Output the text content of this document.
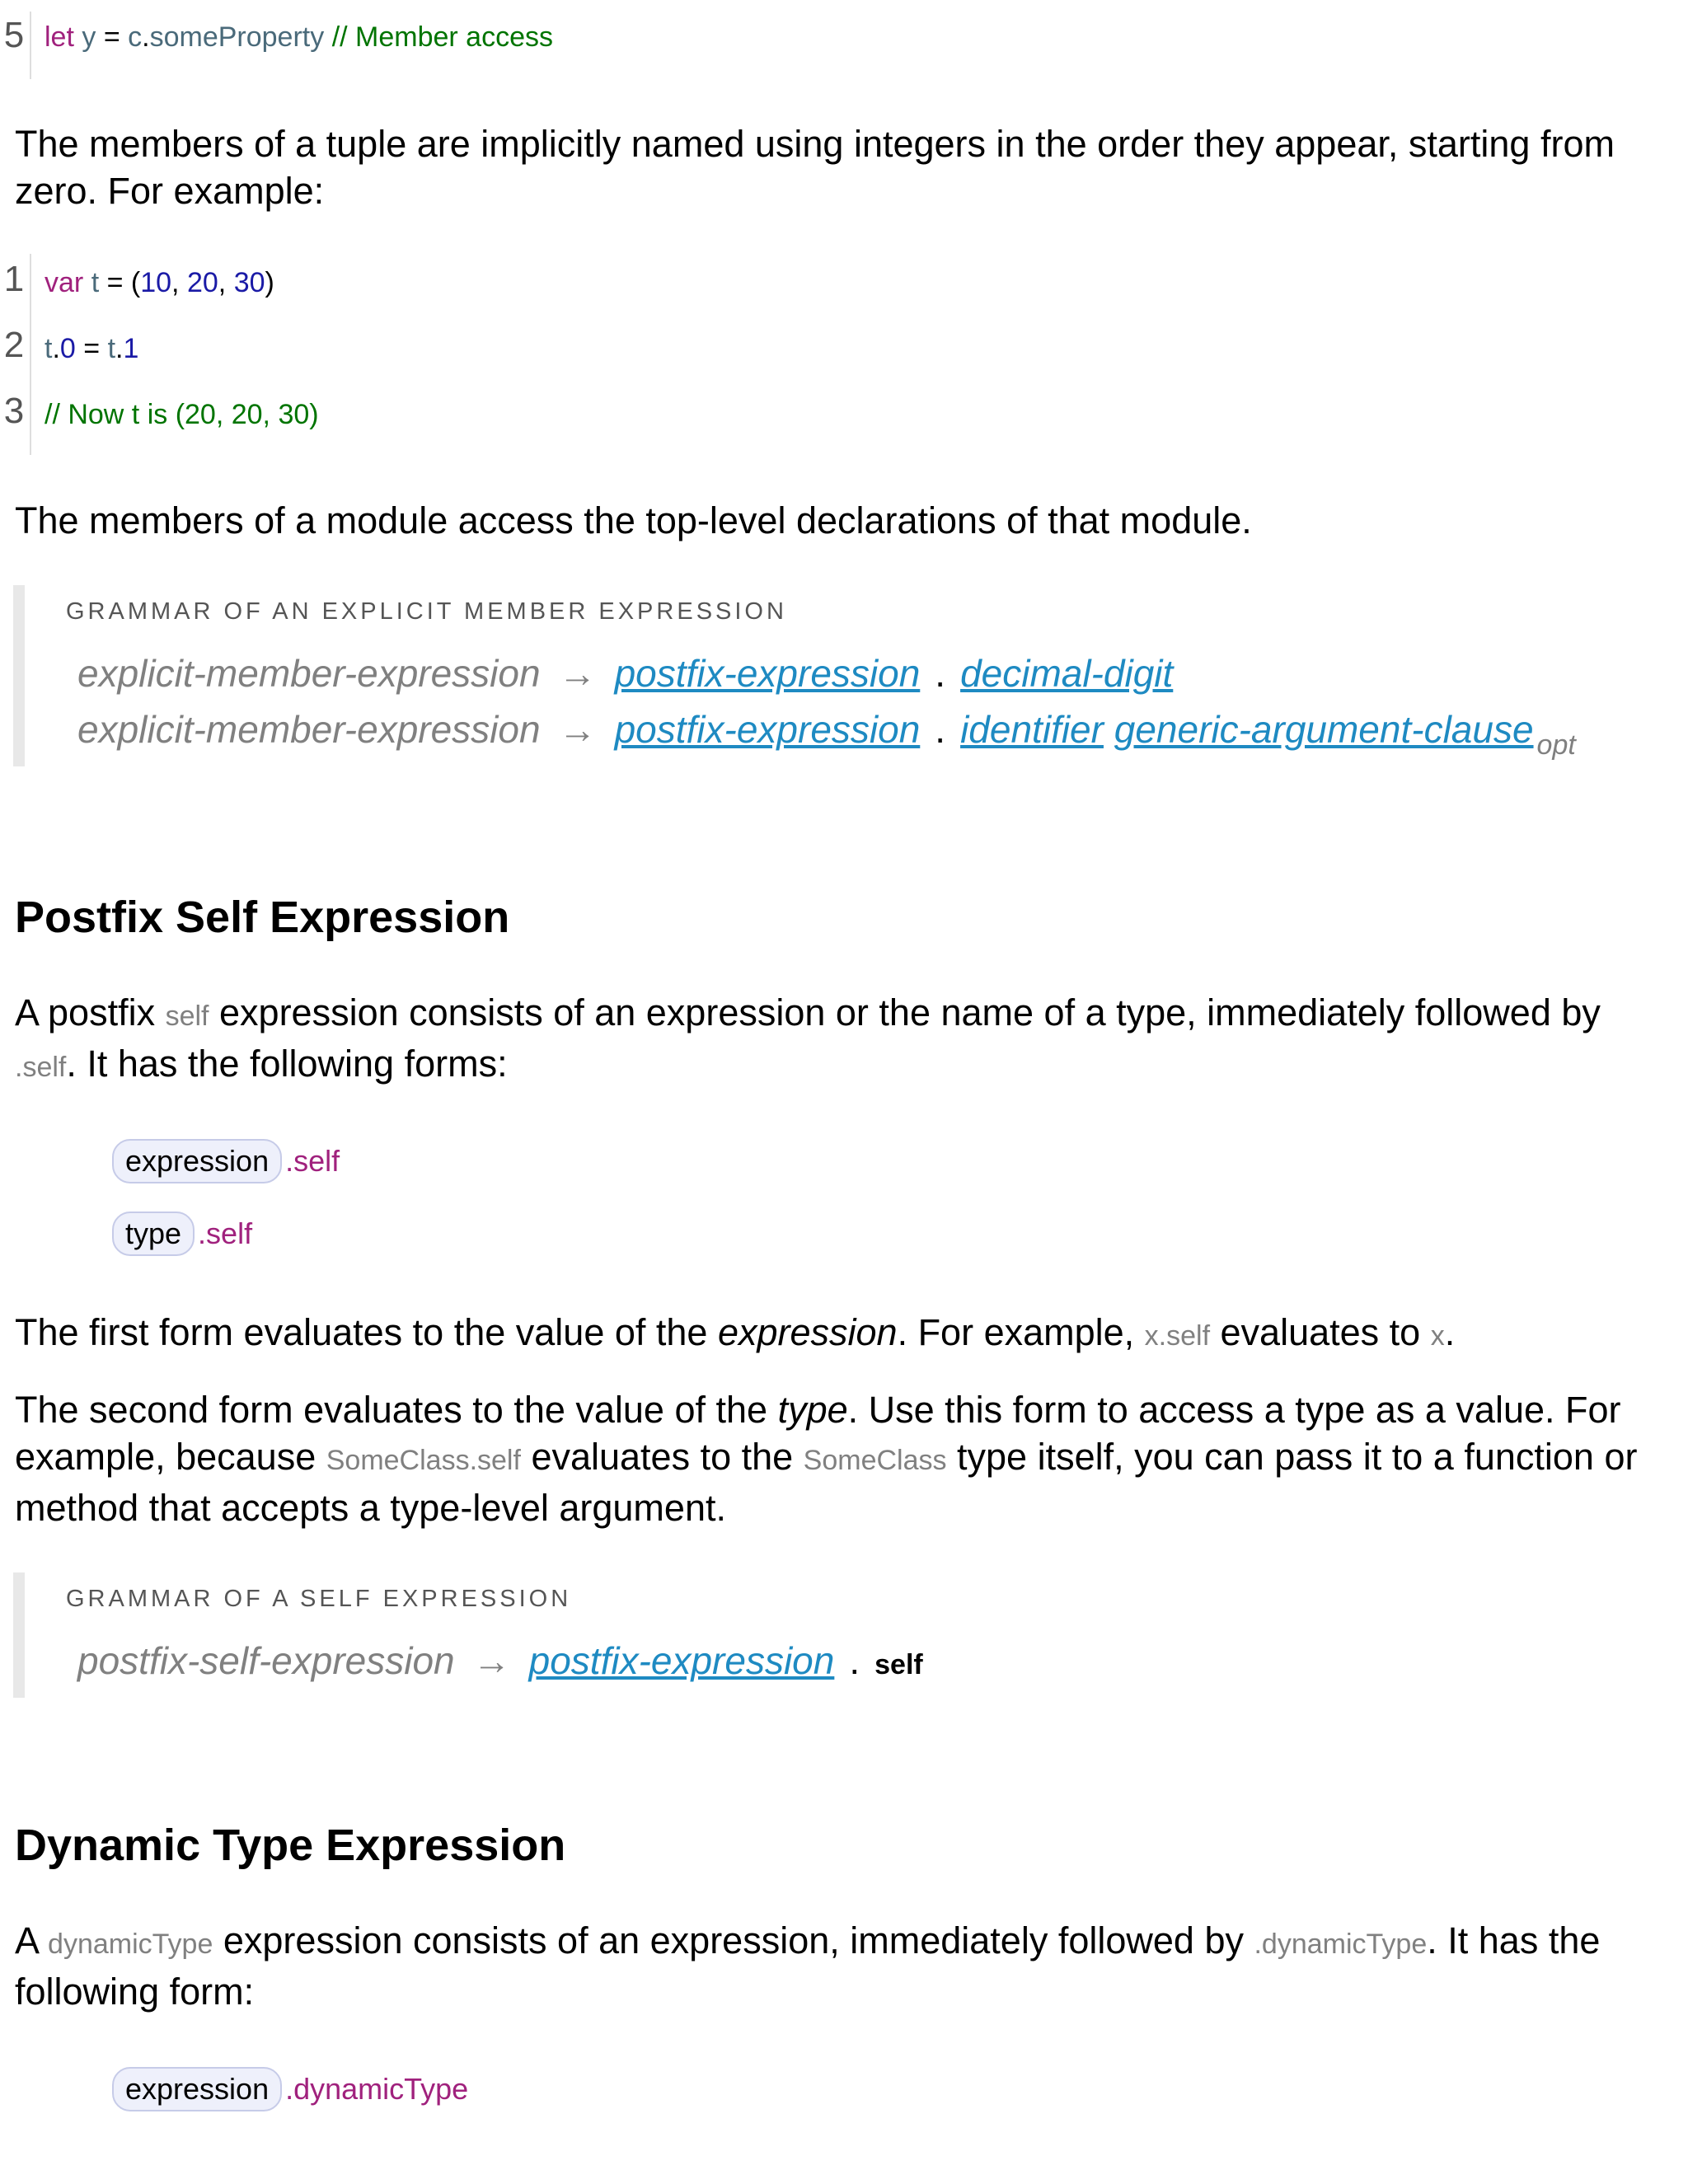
5 let y = c.someProperty // Member access
The members of a tuple are implicitly named using integers in the order they appear, starting from zero. For example:
1 var t = (10, 20, 30)
2 t.0 = t.1
3 // Now t is (20, 20, 30)
The members of a module access the top-level declarations of that module.
GRAMMAR OF AN EXPLICIT MEMBER EXPRESSION
explicit-member-expression → postfix-expression . decimal-digit
explicit-member-expression → postfix-expression . identifier generic-argument-clause $_{opt}$
Postfix Self Expression
A postfix self expression consists of an expression or the name of a type, immediately followed by .self. It has the following forms:
expression .self
type .self
The first form evaluates to the value of the expression. For example, x.self evaluates to x.
The second form evaluates to the value of the type. Use this form to access a type as a value. For example, because SomeClass.self evaluates to the SomeClass type itself, you can pass it to a function or method that accepts a type-level argument.
GRAMMAR OF A SELF EXPRESSION
postfix-self-expression → postfix-expression . self
Dynamic Type Expression
A dynamicType expression consists of an expression, immediately followed by .dynamicType. It has the following form:
expression .dynamicType
